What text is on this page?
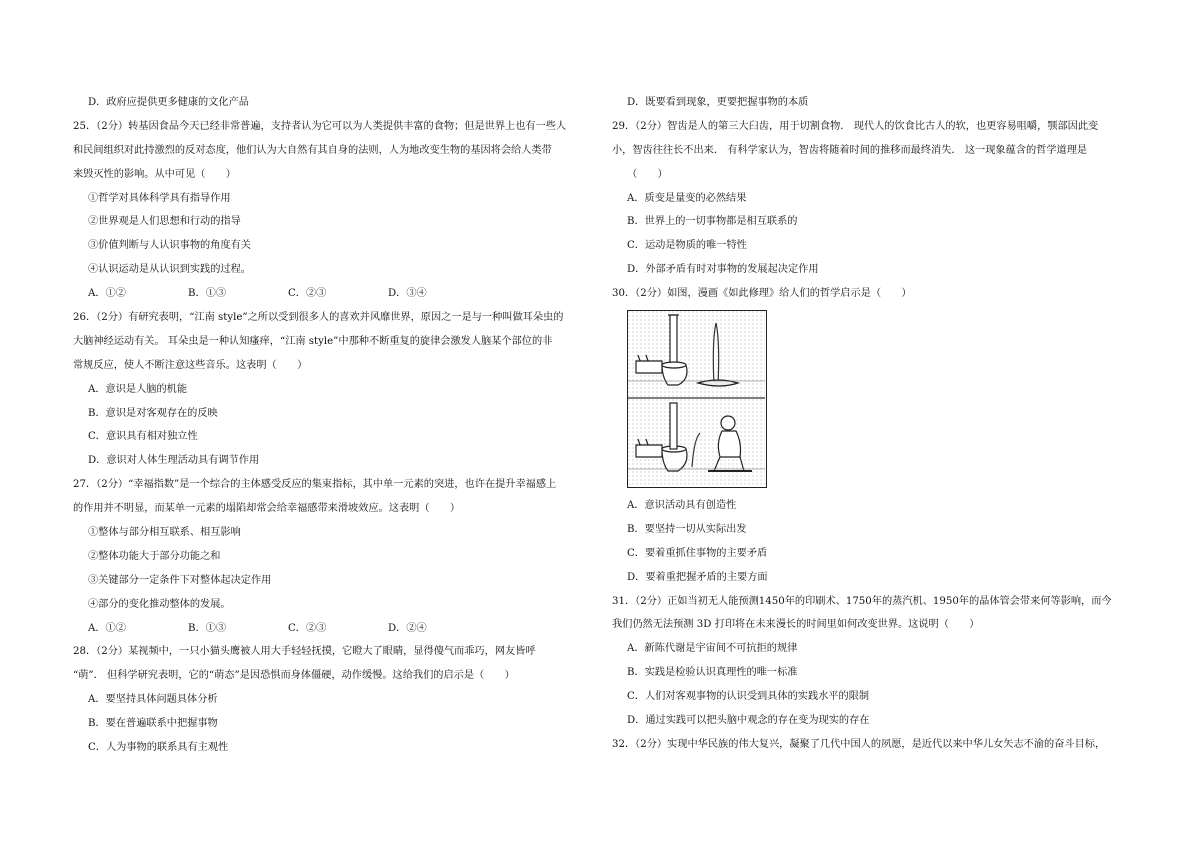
D．政府应提供更多健康的文化产品
25．（2分）转基因食品今天已经非常普遍，支持者认为它可以为人类提供丰富的食物；但是世界上也有一些人
和民间组织对此持激烈的反对态度，他们认为大自然有其自身的法则，人为地改变生物的基因将会给人类带
来毁灭性的影响。从中可见（　　）
①哲学对具体科学具有指导作用
②世界观是人们思想和行动的指导
③价值判断与人认识事物的角度有关
④认识运动是从认识到实践的过程。
A．①②	B．①③	C．②③	D．③④
26．（2分）有研究表明，“江南 style”之所以受到很多人的喜欢并风靡世界，原因之一是与一种叫做耳朵虫的
大脑神经运动有关。 耳朵虫是一种认知瘙痒，“江南 style”中那种不断重复的旋律会激发人脑某个部位的非
常规反应，使人不断注意这些音乐。这表明（　　）
A．意识是人脑的机能
B．意识是对客观存在的反映
C．意识具有相对独立性
D．意识对人体生理活动具有调节作用
27．（2分）“幸福指数”是一个综合的主体感受反应的集束指标，其中单一元素的突进，也许在提升幸福感上
的作用并不明显，而某单一元素的塌陷却常会给幸福感带来滑坡效应。这表明（　　）
①整体与部分相互联系、相互影响
②整体功能大于部分功能之和
③关键部分一定条件下对整体起决定作用
④部分的变化推动整体的发展。
A．①②	B．①③	C．②③	D．②④
28．（2分）某视频中，一只小猫头鹰被人用大手轻轻抚摸，它瞪大了眼睛，显得傻气而乖巧，网友皆呼
“萌”． 但科学研究表明，它的“萌态”是因恐惧而身体僵硬，动作缓慢。这给我们的启示是（　　）
A．要坚持具体问题具体分析
B．要在普遍联系中把握事物
C．人为事物的联系具有主观性
D．既要看到现象，更要把握事物的本质
29．（2分）智齿是人的第三大臼齿，用于切割食物． 现代人的饮食比古人的软，也更容易咀嚼，颚部因此变
小，智齿往往长不出来． 有科学家认为，智齿将随着时间的推移而最终消失． 这一现象蕴含的哲学道理是
（　　）
A．质变是量变的必然结果
B．世界上的一切事物都是相互联系的
C．运动是物质的唯一特性
D．外部矛盾有时对事物的发展起决定作用
30．（2分）如图，漫画《如此修理》给人们的哲学启示是（　　）
A．意识活动具有创造性
B．要坚持一切从实际出发
C．要着重抓住事物的主要矛盾
D．要着重把握矛盾的主要方面
31．（2分）正如当初无人能预测1450年的印刷术、1750年的蒸汽机、1950年的晶体管会带来何等影响，而今
我们仍然无法预测 3D 打印将在未来漫长的时间里如何改变世界。这说明（　　）
A．新陈代谢是宇宙间不可抗拒的规律
B．实践是检验认识真理性的唯一标准
C．人们对客观事物的认识受到具体的实践水平的限制
D．通过实践可以把头脑中观念的存在变为现实的存在
32．（2分）实现中华民族的伟大复兴，凝聚了几代中国人的夙愿，是近代以来中华儿女矢志不渝的奋斗目标，
